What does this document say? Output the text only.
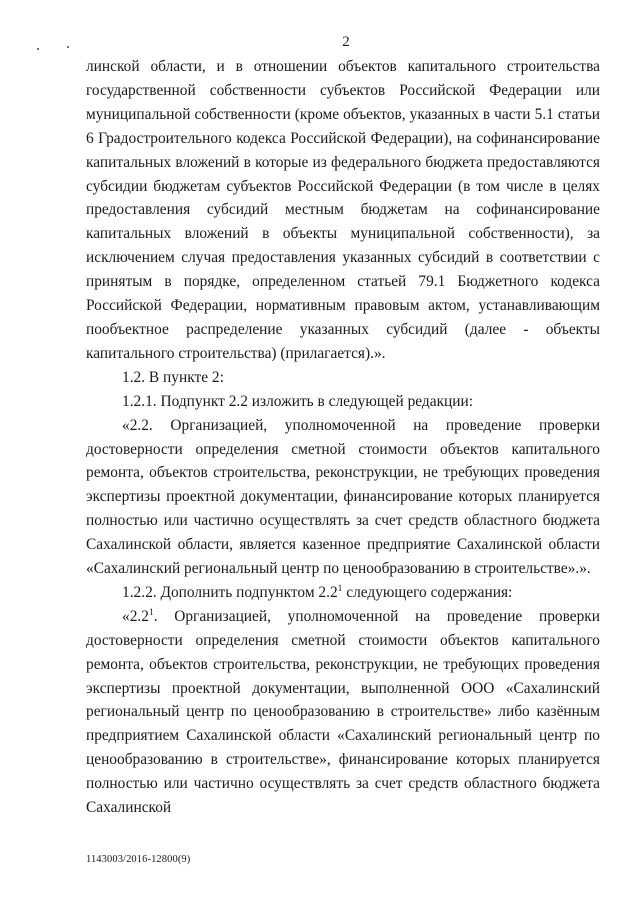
2

линской области, и в отношении объектов капитального строительства государственной собственности субъектов Российской Федерации или муниципальной собственности (кроме объектов, указанных в части 5.1 статьи 6 Градостроительного кодекса Российской Федерации), на софинансирование капитальных вложений в которые из федерального бюджета предоставляются субсидии бюджетам субъектов Российской Федерации (в том числе в целях предоставления субсидий местным бюджетам на софинансирование капитальных вложений в объекты муниципальной собственности), за исключением случая предоставления указанных субсидий в соответствии с принятым в порядке, определенном статьей 79.1 Бюджетного кодекса Российской Федерации, нормативным правовым актом, устанавливающим пообъектное распределение указанных субсидий (далее - объекты капитального строительства) (прилагается).».

1.2. В пункте 2:

1.2.1. Подпункт 2.2 изложить в следующей редакции:

«2.2. Организацией, уполномоченной на проведение проверки достоверности определения сметной стоимости объектов капитального ремонта, объектов строительства, реконструкции, не требующих проведения экспертизы проектной документации, финансирование которых планируется полностью или частично осуществлять за счет средств областного бюджета Сахалинской области, является казенное предприятие Сахалинской области «Сахалинский региональный центр по ценообразованию в строительстве».».

1.2.2. Дополнить подпунктом $2.2^1$ следующего содержания:

«$2.2^1$. Организацией, уполномоченной на проведение проверки достоверности определения сметной стоимости объектов капитального ремонта, объектов строительства, реконструкции, не требующих проведения экспертизы проектной документации, выполненной ООО «Сахалинский региональный центр по ценообразованию в строительстве» либо казённым предприятием Сахалинской области «Сахалинский региональный центр по ценообразованию в строительстве», финансирование которых планируется полностью или частично осуществлять за счет средств областного бюджета Сахалинской

1143003/2016-12800(9)
